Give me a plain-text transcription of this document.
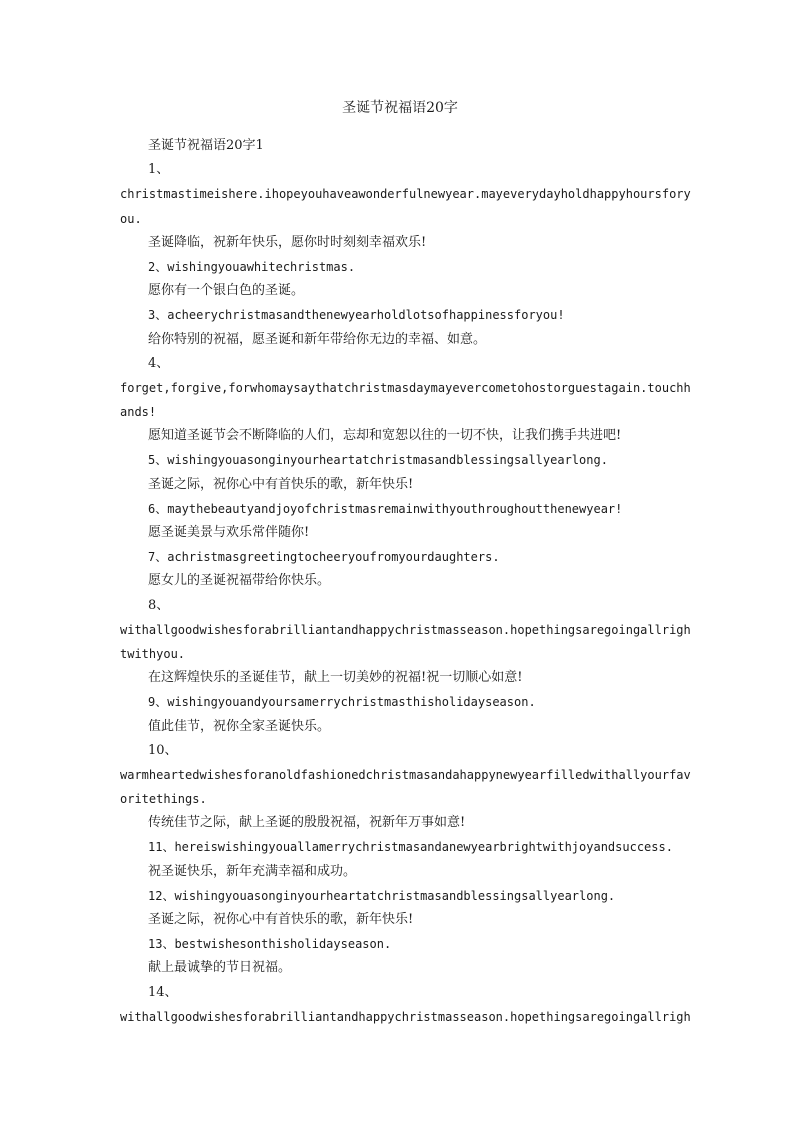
圣诞节祝福语20字
圣诞节祝福语20字1
1、
christmastimeishere.ihopeyouhaveawonderfulnewyear.mayeverydayholdhappyhoursfory
ou.
圣诞降临，祝新年快乐，愿你时时刻刻幸福欢乐!
2、wishingyouawhitechristmas.
愿你有一个银白色的圣诞。
3、acheerychristmasandthenewyearholdlotsofhappinessforyou!
给你特别的祝福，愿圣诞和新年带给你无边的幸福、如意。
4、
forget,forgive,forwhomaysaythatchristmasdaymayevercometohostorguestagain.touchh
ands!
愿知道圣诞节会不断降临的人们，忘却和宽恕以往的一切不快，让我们携手共进吧!
5、wishingyouasonginyourheartatchristmasandblessingsallyearlong.
圣诞之际，祝你心中有首快乐的歌，新年快乐!
6、maythebeautyandjoyofchristmasremainwithyouthroughoutthenewyear!
愿圣诞美景与欢乐常伴随你!
7、achristmasgreetingtocheeryoufromyourdaughters.
愿女儿的圣诞祝福带给你快乐。
8、
withallgoodwishesforabrilliantandhappychristmasseason.hopethingsaregoingallrigh
twithyou.
在这辉煌快乐的圣诞佳节，献上一切美妙的祝福!祝一切顺心如意!
9、wishingyouandyoursamerrychristmasthisholidayseason.
值此佳节，祝你全家圣诞快乐。
10、
warmheartedwishesforanoldfashionedchristmasandahappynewyearfilledwithallyourfav
oritethings.
传统佳节之际，献上圣诞的殷殷祝福，祝新年万事如意!
11、hereiswishingyouallamerrychristmasandanewyearbrightwithjoyandsuccess.
祝圣诞快乐，新年充满幸福和成功。
12、wishingyouasonginyourheartatchristmasandblessingsallyearlong.
圣诞之际，祝你心中有首快乐的歌，新年快乐!
13、bestwishesonthisholidayseason.
献上最诚挚的节日祝福。
14、
withallgoodwishesforabrilliantandhappychristmasseason.hopethingsaregoingallrigh
